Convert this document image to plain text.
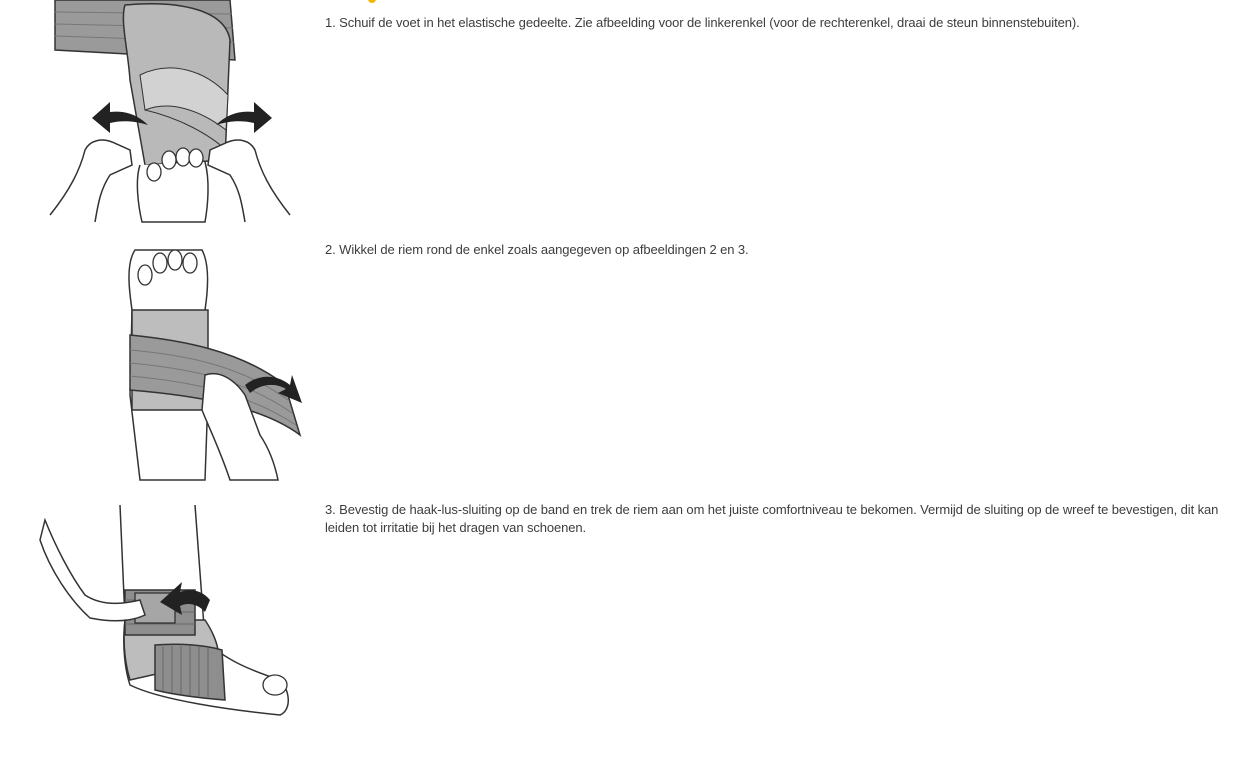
1. Schuif de voet in het elastische gedeelte. Zie afbeelding voor de linkerenkel (voor de rechterenkel, draai de steun binnenstebuiten).
2. Wikkel de riem rond de enkel zoals aangegeven op afbeeldingen 2 en 3.
3. Bevestig de haak-lus-sluiting op de band en trek de riem aan om het juiste comfortniveau te bekomen. Vermijd de sluiting op de wreef te bevestigen, dit kan leiden tot irritatie bij het dragen van schoenen.
